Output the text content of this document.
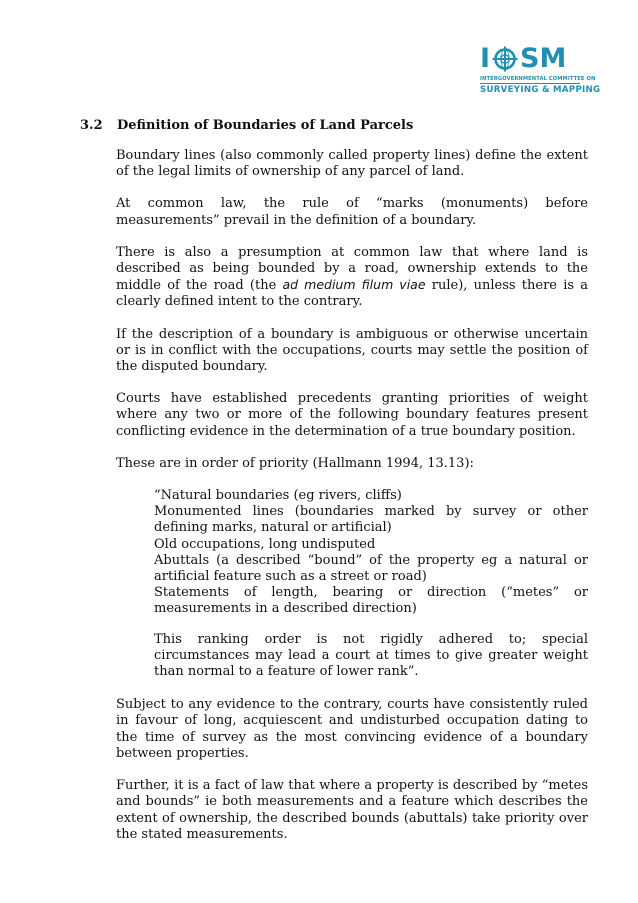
I SM
INTERGOVERNMENTAL COMMITTEE ON
SURVEYING & MAPPING
3.2 Definition of Boundaries of Land Parcels

Boundary lines (also commonly called property lines) define the extent of the legal limits of ownership of any parcel of land.

At common law, the rule of “marks (monuments) before measurements” prevail in the definition of a boundary.

There is also a presumption at common law that where land is described as being bounded by a road, ownership extends to the middle of the road (the ad medium filum viae rule), unless there is a clearly defined intent to the contrary.

If the description of a boundary is ambiguous or otherwise uncertain or is in conflict with the occupations, courts may settle the position of the disputed boundary.

Courts have established precedents granting priorities of weight where any two or more of the following boundary features present conflicting evidence in the determination of a true boundary position.

These are in order of priority (Hallmann 1994, 13.13):

“Natural boundaries (eg rivers, cliffs)

Monumented lines (boundaries marked by survey or other defining marks, natural or artificial)

Old occupations, long undisputed

Abuttals (a described “bound” of the property eg a natural or artificial feature such as a street or road)

Statements of length, bearing or direction (“metes” or measurements in a described direction)

This ranking order is not rigidly adhered to; special circumstances may lead a court at times to give greater weight than normal to a feature of lower rank”.

Subject to any evidence to the contrary, courts have consistently ruled in favour of long, acquiescent and undisturbed occupation dating to the time of survey as the most convincing evidence of a boundary between properties.

Further, it is a fact of law that where a property is described by “metes and bounds” ie both measurements and a feature which describes the extent of ownership, the described bounds (abuttals) take priority over the stated measurements.
